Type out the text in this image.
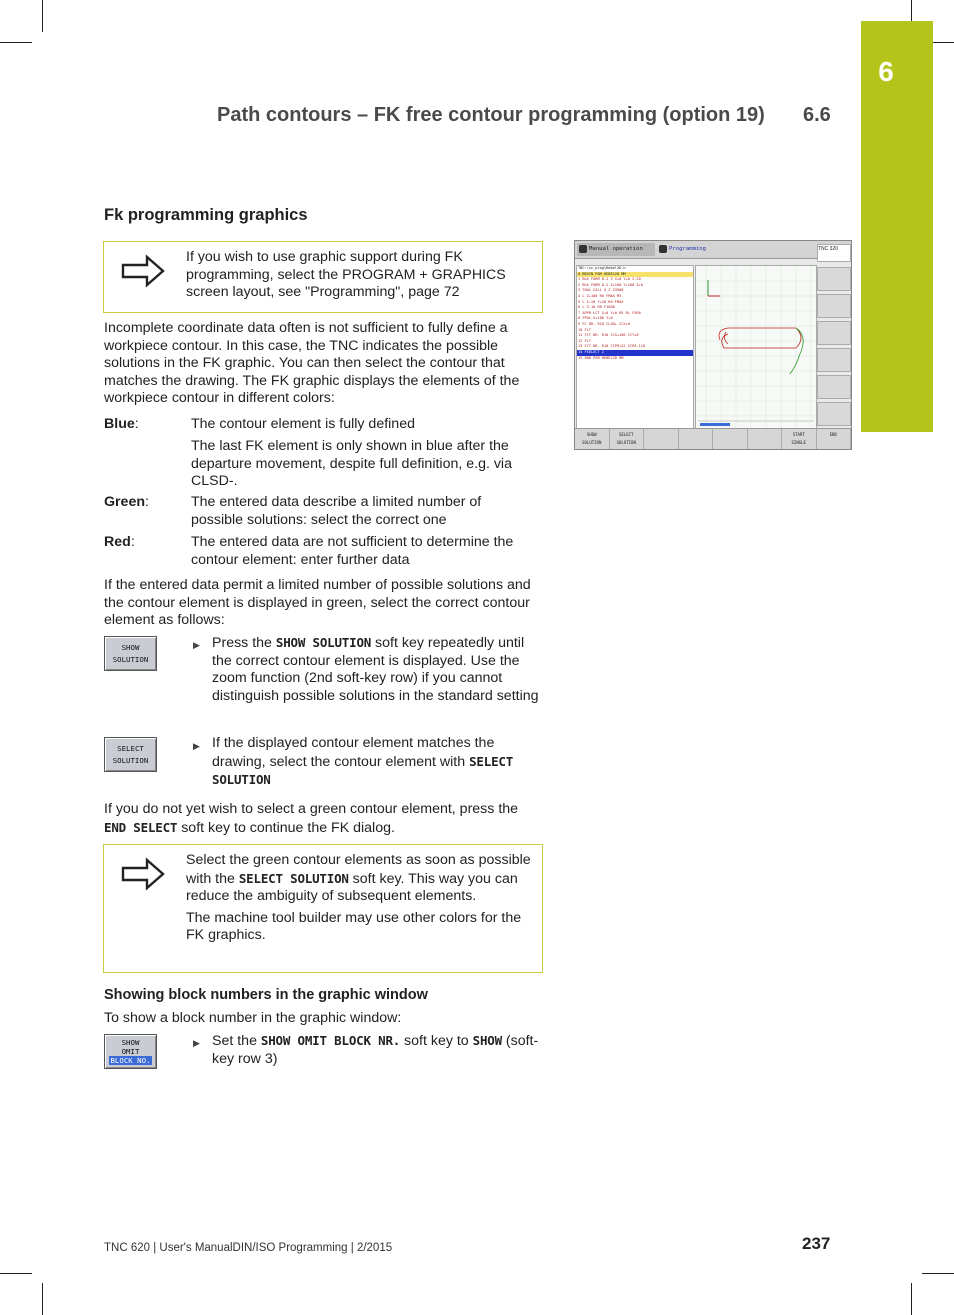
6
Path contours – FK free contour programming (option 19) 6.6
Fk programming graphics
If you wish to use graphic support during FK programming, select the PROGRAM + GRAPHICS screen layout, see "Programming", page 72
Incomplete coordinate data often is not sufficient to fully define a workpiece contour. In this case, the TNC indicates the possible solutions in the FK graphic. You can then select the contour that matches the drawing. The FK graphic displays the elements of the workpiece contour in different colors:
Blue:	The contour element is fully defined
The last FK element is only shown in blue after the departure movement, despite full definition, e.g. via CLSD-.
Green:	The entered data describe a limited number of possible solutions: select the correct one
Red:	The entered data are not sufficient to determine the contour element: enter further data
If the entered data permit a limited number of possible solutions and the contour element is displayed in green, select the correct contour element as follows:
SHOW
SOLUTION
▶ Press the SHOW SOLUTION soft key repeatedly until the correct contour element is displayed. Use the zoom function (2nd soft-key row) if you cannot distinguish possible solutions in the standard setting
SELECT
SOLUTION
▶ If the displayed contour element matches the drawing, select the contour element with SELECT SOLUTION
If you do not yet wish to select a green contour element, press the END SELECT soft key to continue the FK dialog.
Select the green contour elements as soon as possible with the SELECT SOLUTION soft key. This way you can reduce the ambiguity of subsequent elements.
The machine tool builder may use other colors for the FK graphics.
Showing block numbers in the graphic window
To show a block number in the graphic window:
SHOW
OMIT
BLOCK NO.
▶ Set the SHOW OMIT BLOCK NR. soft key to SHOW (soft-key row 3)
Manual operation	Programming	TNC 320
TNC:\nc_prog\Hebel2D.h
0 BEGIN PGM HEBEL2D MM
1 BLK FORM 0.1 Z X+0 Y+0 Z-20
2 BLK FORM 0.2 X+100 Y+100 Z+0
3 TOOL CALL 5 Z S3500
4 L Z+100 R0 FMAX M3
5 L X-20 Y+20 R0 FMAX
6 L Z-10 R0 F1000
7 APPR LCT X+0 Y+0 R5 RL F500
8 FPOL X+100 Y+0
9 FC DR- R18 CLSD+ CCX+0
10 FLT
11 FCT DR- R10 CCX+100 CCY+0
12 FLT
13 FCT DR- R10 CCPR+22 CCPA-110
14 FSELECT 2
15 END PGM HEBEL2D MM
SHOW
SOLUTION
SELECT
SOLUTION
START
SINGLE
END
TNC 620 | User's ManualDIN/ISO Programming | 2/2015	237
